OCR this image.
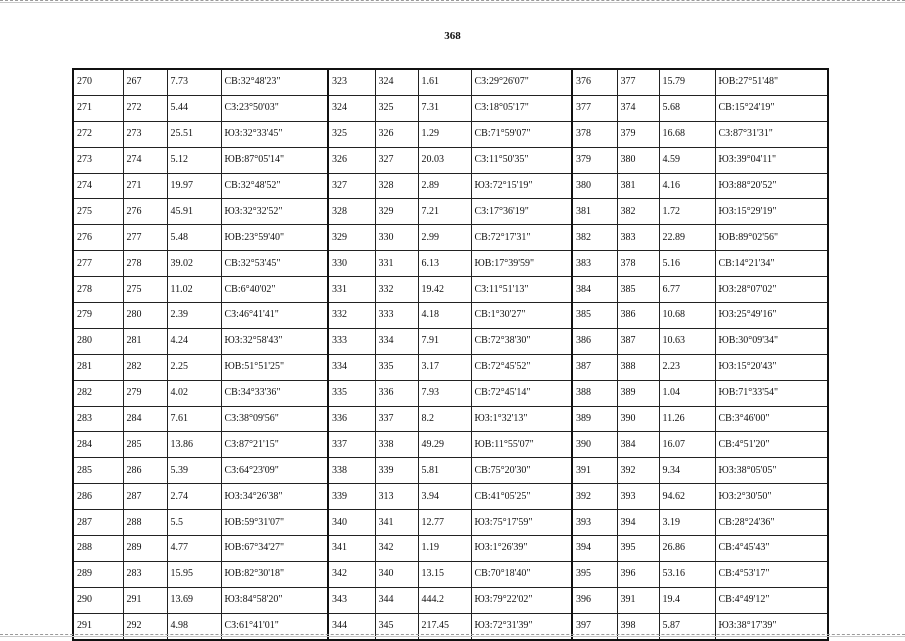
368
270	267	7.73	СВ:32°48'23"	323	324	1.61	СЗ:29°26'07"	376	377	15.79	ЮВ:27°51'48"
271	272	5.44	СЗ:23°50'03"	324	325	7.31	СЗ:18°05'17"	377	374	5.68	СВ:15°24'19"
272	273	25.51	ЮЗ:32°33'45"	325	326	1.29	СВ:71°59'07"	378	379	16.68	СЗ:87°31'31"
273	274	5.12	ЮВ:87°05'14"	326	327	20.03	СЗ:11°50'35"	379	380	4.59	ЮЗ:39°04'11"
274	271	19.97	СВ:32°48'52"	327	328	2.89	ЮЗ:72°15'19"	380	381	4.16	ЮЗ:88°20'52"
275	276	45.91	ЮЗ:32°32'52"	328	329	7.21	СЗ:17°36'19"	381	382	1.72	ЮЗ:15°29'19"
276	277	5.48	ЮВ:23°59'40"	329	330	2.99	СВ:72°17'31"	382	383	22.89	ЮВ:89°02'56"
277	278	39.02	СВ:32°53'45"	330	331	6.13	ЮВ:17°39'59"	383	378	5.16	СВ:14°21'34"
278	275	11.02	СВ:6°40'02"	331	332	19.42	СЗ:11°51'13"	384	385	6.77	ЮЗ:28°07'02"
279	280	2.39	СЗ:46°41'41"	332	333	4.18	СВ:1°30'27"	385	386	10.68	ЮЗ:25°49'16"
280	281	4.24	ЮЗ:32°58'43"	333	334	7.91	СВ:72°38'30"	386	387	10.63	ЮВ:30°09'34"
281	282	2.25	ЮВ:51°51'25"	334	335	3.17	СВ:72°45'52"	387	388	2.23	ЮЗ:15°20'43"
282	279	4.02	СВ:34°33'36"	335	336	7.93	СВ:72°45'14"	388	389	1.04	ЮВ:71°33'54"
283	284	7.61	СЗ:38°09'56"	336	337	8.2	ЮЗ:1°32'13"	389	390	11.26	СВ:3°46'00"
284	285	13.86	СЗ:87°21'15"	337	338	49.29	ЮВ:11°55'07"	390	384	16.07	СВ:4°51'20"
285	286	5.39	СЗ:64°23'09"	338	339	5.81	СВ:75°20'30"	391	392	9.34	ЮЗ:38°05'05"
286	287	2.74	ЮЗ:34°26'38"	339	313	3.94	СВ:41°05'25"	392	393	94.62	ЮЗ:2°30'50"
287	288	5.5	ЮВ:59°31'07"	340	341	12.77	ЮЗ:75°17'59"	393	394	3.19	СВ:28°24'36"
288	289	4.77	ЮВ:67°34'27"	341	342	1.19	ЮЗ:1°26'39"	394	395	26.86	СВ:4°45'43"
289	283	15.95	ЮВ:82°30'18"	342	340	13.15	СВ:70°18'40"	395	396	53.16	СВ:4°53'17"
290	291	13.69	ЮЗ:84°58'20"	343	344	444.2	ЮЗ:79°22'02"	396	391	19.4	СВ:4°49'12"
291	292	4.98	СЗ:61°41'01"	344	345	217.45	ЮЗ:72°31'39"	397	398	5.87	ЮЗ:38°17'39"
